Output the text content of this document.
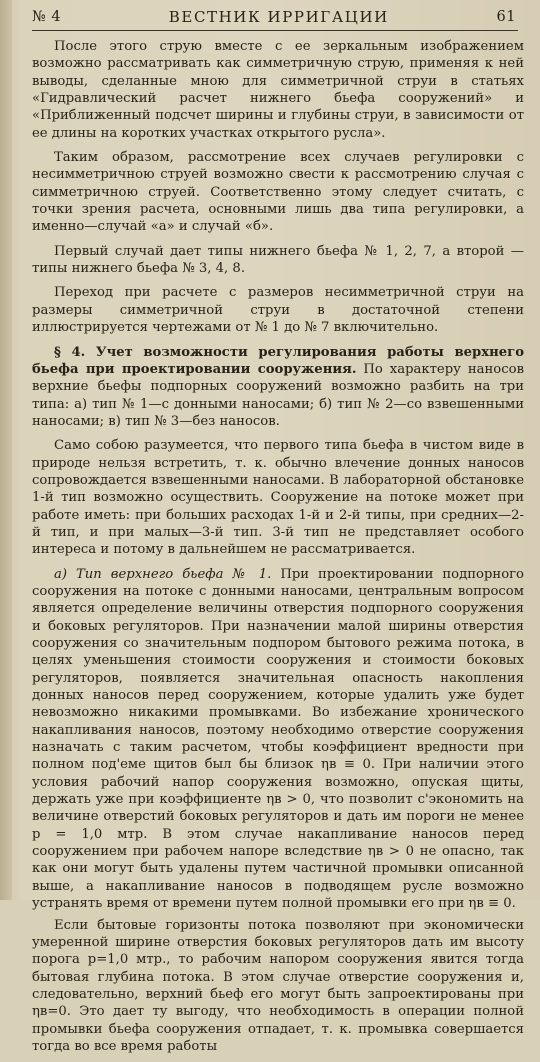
№ 4	ВЕСТНИК ИРРИГАЦИИ	61

После этого струю вместе с ее зеркальным изображением возможно рассматривать как симметричную струю, применяя к ней выводы, сделанные мною для симметричной струи в статьях «Гидравлический расчет нижнего бьефа сооружений» и «Приближенный подсчет ширины и глубины струи, в зависимости от ее длины на коротких участках открытого русла».

Таким образом, рассмотрение всех случаев регулировки с несимметричною струей возможно свести к рассмотрению случая с симметричною струей. Соответственно этому следует считать, с точки зрения расчета, основными лишь два типа регулировки, а именно—случай «а» и случай «б».

Первый случай дает типы нижнего бьефа № 1, 2, 7, а второй —типы нижнего бьефа № 3, 4, 8.

Переход при расчете с размеров несимметричной струи на размеры симметричной струи в достаточной степени иллюстрируется чертежами от № 1 до № 7 включительно.

§ 4. Учет возможности регулирования работы верхнего бьефа при проектировании сооружения. По характеру наносов верхние бьефы подпорных сооружений возможно разбить на три типа: а) тип № 1—с донными наносами; б) тип № 2—со взвешенными наносами; в) тип № 3—без наносов.

Само собою разумеется, что первого типа бьефа в чистом виде в природе нельзя встретить, т. к. обычно влечение донных наносов сопровождается взвешенными наносами. В лабораторной обстановке 1-й тип возможно осуществить. Сооружение на потоке может при работе иметь: при больших расходах 1-й и 2-й типы, при средних—2-й тип, и при малых—3-й тип. 3-й тип не представляет особого интереса и потому в дальнейшем не рассматривается.

а) Тип верхнего бьефа № 1. При проектировании подпорного сооружения на потоке с донными наносами, центральным вопросом является определение величины отверстия подпорного сооружения и боковых регуляторов. При назначении малой ширины отверстия сооружения со значительным подпором бытового режима потока, в целях уменьшения стоимости сооружения и стоимости боковых регуляторов, появляется значительная опасность накопления донных наносов перед сооружением, которые удалить уже будет невозможно никакими промывками. Во избежание хронического накапливания наносов, поэтому необходимо отверстие сооружения назначать с таким расчетом, чтобы коэффициент вредности при полном под'еме щитов был бы близок ηв ≡ 0. При наличии этого условия рабочий напор сооружения возможно, опуская щиты, держать уже при коэффициенте ηв > 0, что позволит с'экономить на величине отверстий боковых регуляторов и дать им пороги не менее p = 1,0 мтр. В этом случае накапливание наносов перед сооружением при рабочем напоре вследствие ηв > 0 не опасно, так как они могут быть удалены путем частичной промывки описанной выше, а накапливание наносов в подводящем русле возможно устранять время от времени путем полной промывки его при ηв ≡ 0.

Если бытовые горизонты потока позволяют при экономически умеренной ширине отверстия боковых регуляторов дать им высоту порога p=1,0 мтр., то рабочим напором сооружения явится тогда бытовая глубина потока. В этом случае отверстие сооружения и, следовательно, верхний бьеф его могут быть запроектированы при ηв=0. Это дает ту выгоду, что необходимость в операции полной промывки бьефа сооружения отпадает, т. к. промывка совершается тогда во все время работы
